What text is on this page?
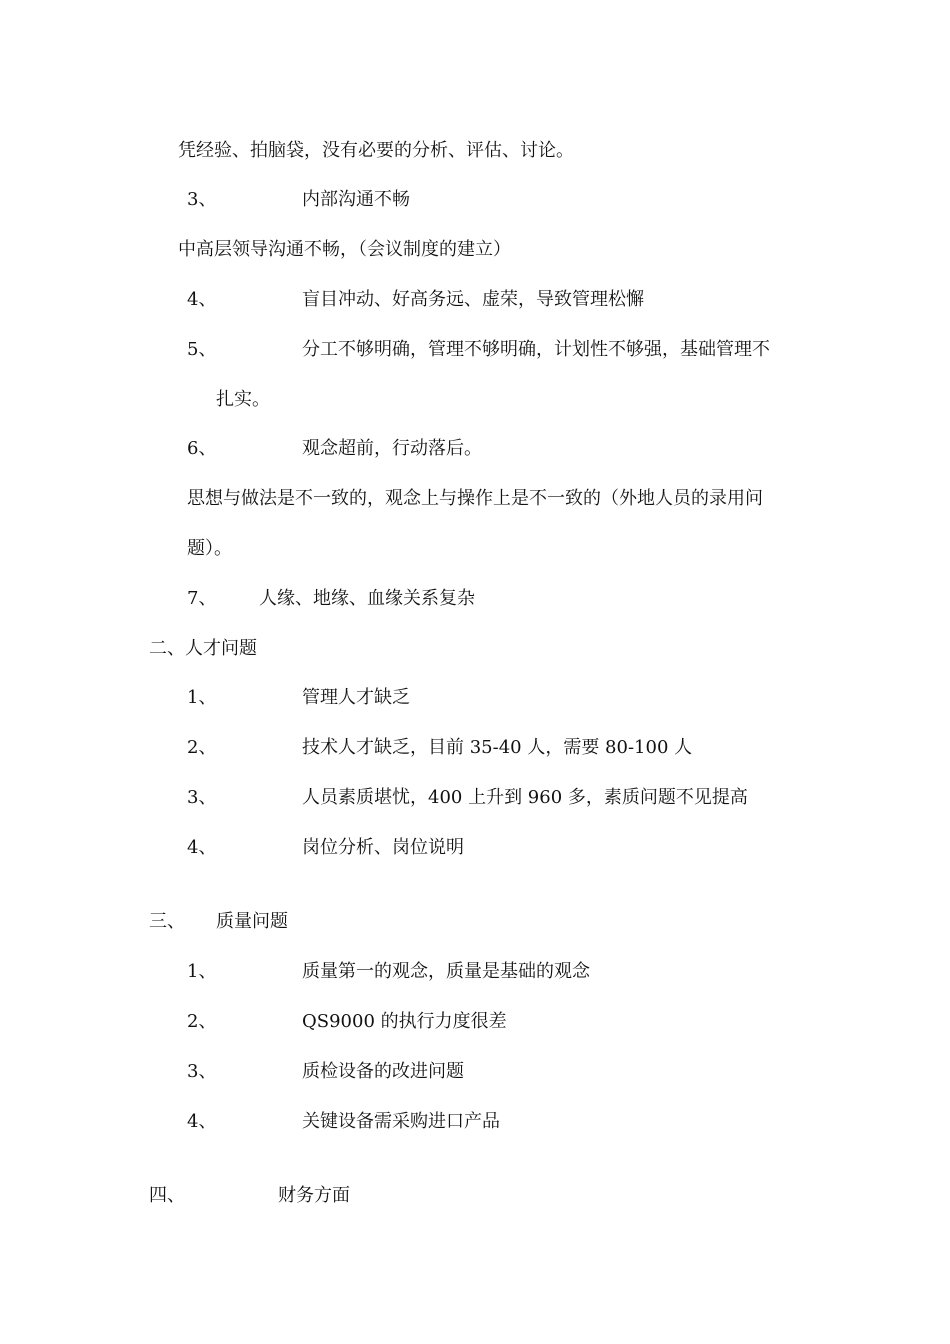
凭经验、拍脑袋，没有必要的分析、评估、讨论。
3、	内部沟通不畅
中高层领导沟通不畅，（会议制度的建立）
4、	盲目冲动、好高务远、虚荣，导致管理松懈
5、	分工不够明确，管理不够明确，计划性不够强，基础管理不
扎实。
6、	观念超前，行动落后。
思想与做法是不一致的，观念上与操作上是不一致的（外地人员的录用问
题）。
7、 人缘、地缘、血缘关系复杂
二、人才问题
1、	管理人才缺乏
2、	技术人才缺乏，目前 35-40 人，需要 80-100 人
3、	人员素质堪忧，400 上升到 960 多，素质问题不见提高
4、	岗位分析、岗位说明
三、 质量问题
1、	质量第一的观念，质量是基础的观念
2、	QS9000 的执行力度很差
3、	质检设备的改进问题
4、	关键设备需采购进口产品
四、	财务方面
